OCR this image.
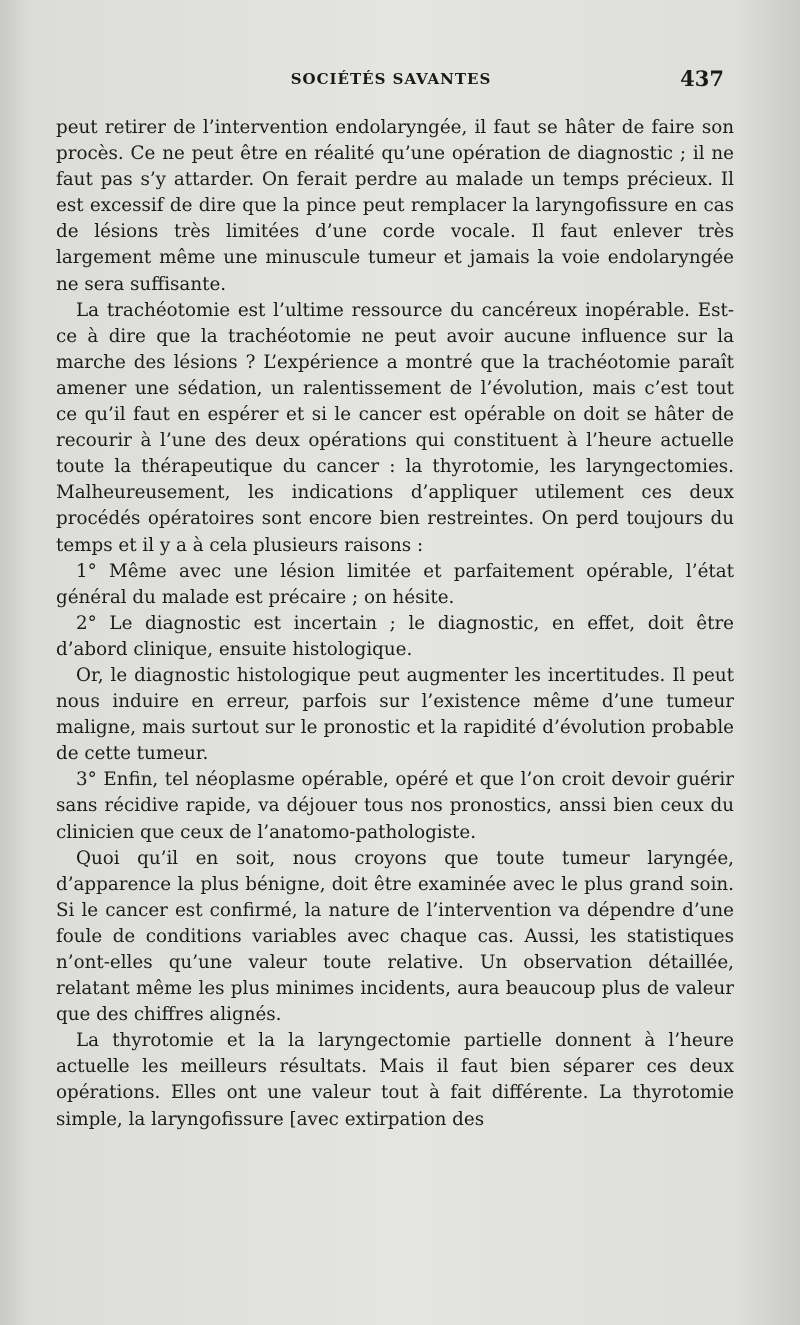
SOCIÉTÉS SAVANTES	437

peut retirer de l’intervention endolaryngée, il faut se hâter de faire son procès. Ce ne peut être en réalité qu’une opération de diagnostic ; il ne faut pas s’y attarder. On ferait perdre au malade un temps précieux. Il est excessif de dire que la pince peut remplacer la laryngofissure en cas de lésions très limitées d’une corde vocale. Il faut enlever très largement même une minuscule tumeur et jamais la voie endolaryngée ne sera suffisante.

La trachéotomie est l’ultime ressource du cancéreux inopérable. Est-ce à dire que la trachéotomie ne peut avoir aucune influence sur la marche des lésions ? L’expérience a montré que la trachéotomie paraît amener une sédation, un ralentissement de l’évolution, mais c’est tout ce qu’il faut en espérer et si le cancer est opérable on doit se hâter de recourir à l’une des deux opérations qui constituent à l’heure actuelle toute la thérapeutique du cancer : la thyrotomie, les laryngectomies. Malheureusement, les indications d’appliquer utilement ces deux procédés opératoires sont encore bien restreintes. On perd toujours du temps et il y a à cela plusieurs raisons :

1° Même avec une lésion limitée et parfaitement opérable, l’état général du malade est précaire ; on hésite.

2° Le diagnostic est incertain ; le diagnostic, en effet, doit être d’abord clinique, ensuite histologique.

Or, le diagnostic histologique peut augmenter les incertitudes. Il peut nous induire en erreur, parfois sur l’existence même d’une tumeur maligne, mais surtout sur le pronostic et la rapidité d’évolution probable de cette tumeur.

3° Enfin, tel néoplasme opérable, opéré et que l’on croit devoir guérir sans récidive rapide, va déjouer tous nos pronostics, anssi bien ceux du clinicien que ceux de l’anatomo-pathologiste.

Quoi qu’il en soit, nous croyons que toute tumeur laryngée, d’apparence la plus bénigne, doit être examinée avec le plus grand soin. Si le cancer est confirmé, la nature de l’intervention va dépendre d’une foule de conditions variables avec chaque cas. Aussi, les statistiques n’ont-elles qu’une valeur toute relative. Un observation détaillée, relatant même les plus minimes incidents, aura beaucoup plus de valeur que des chiffres alignés.

La thyrotomie et la la laryngectomie partielle donnent à l’heure actuelle les meilleurs résultats. Mais il faut bien séparer ces deux opérations. Elles ont une valeur tout à fait différente. La thyrotomie simple, la laryngofissure [avec extirpation des
